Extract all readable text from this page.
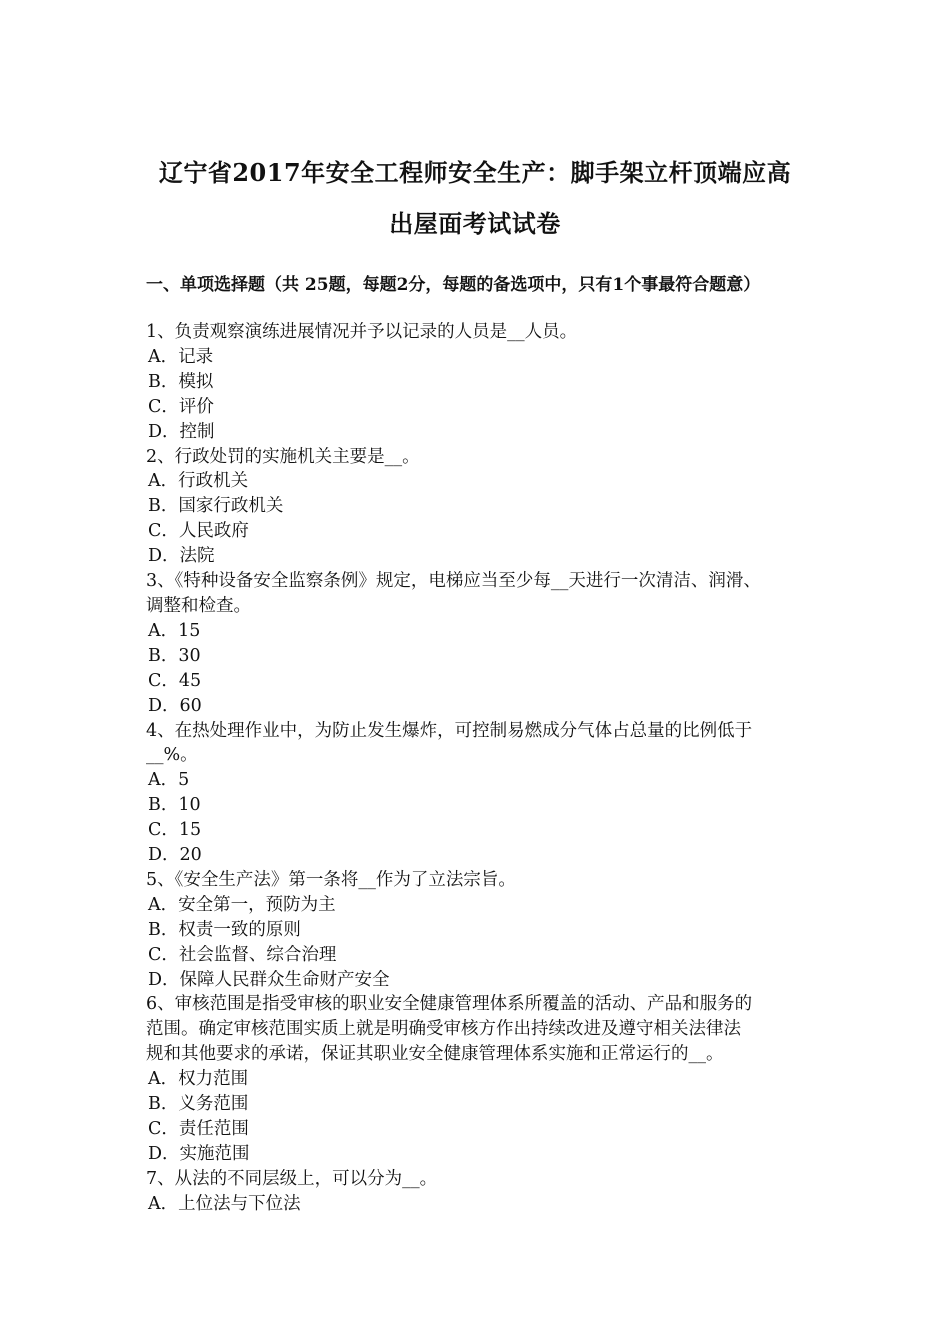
辽宁省2017年安全工程师安全生产：脚手架立杆顶端应高
出屋面考试试卷
一、单项选择题（共 25题，每题2分，每题的备选项中，只有1个事最符合题意）
1、负责观察演练进展情况并予以记录的人员是__人员。
A．记录
B．模拟
C．评价
D．控制
2、行政处罚的实施机关主要是__。
A．行政机关
B．国家行政机关
C．人民政府
D．法院
3、《特种设备安全监察条例》规定，电梯应当至少每__天进行一次清洁、润滑、
调整和检查。
A．15
B．30
C．45
D．60
4、在热处理作业中，为防止发生爆炸，可控制易燃成分气体占总量的比例低于
__%。
A．5
B．10
C．15
D．20
5、《安全生产法》第一条将__作为了立法宗旨。
A．安全第一，预防为主
B．权责一致的原则
C．社会监督、综合治理
D．保障人民群众生命财产安全
6、审核范围是指受审核的职业安全健康管理体系所覆盖的活动、产品和服务的
范围。确定审核范围实质上就是明确受审核方作出持续改进及遵守相关法律法
规和其他要求的承诺，保证其职业安全健康管理体系实施和正常运行的__。
A．权力范围
B．义务范围
C．责任范围
D．实施范围
7、从法的不同层级上，可以分为__。
A．上位法与下位法
